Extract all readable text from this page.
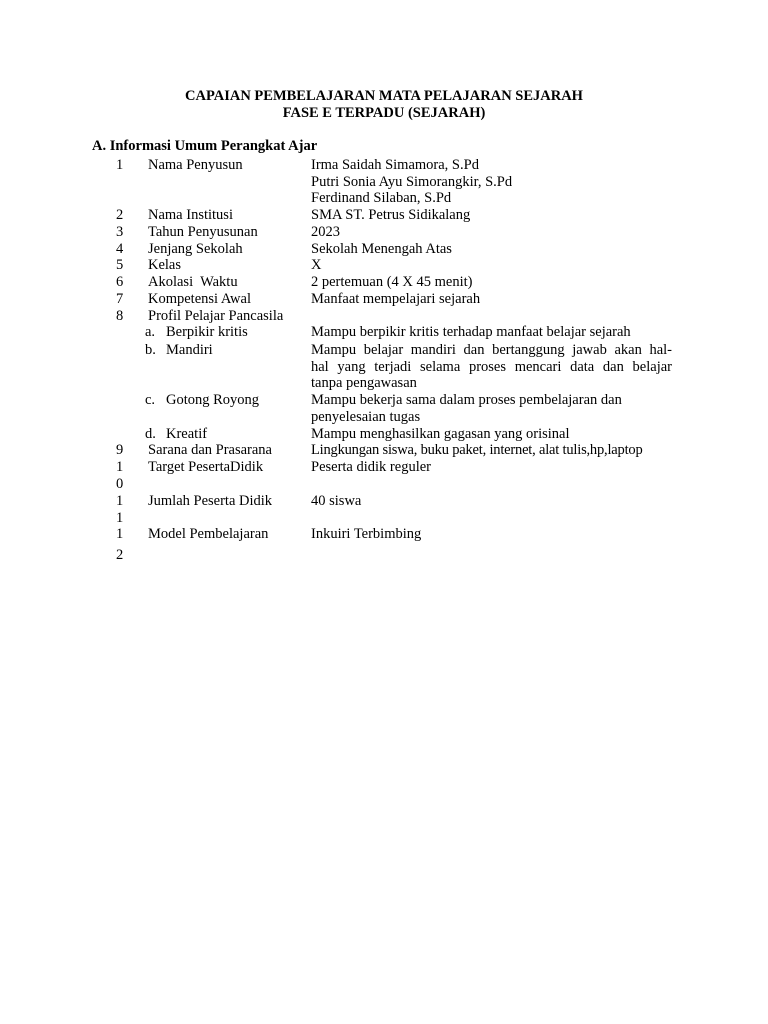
CAPAIAN PEMBELAJARAN MATA PELAJARAN SEJARAH
FASE E TERPADU (SEJARAH)
A. Informasi Umum Perangkat Ajar
1	Nama Penyusun	Irma Saidah Simamora, S.Pd
Putri Sonia Ayu Simorangkir, S.Pd
Ferdinand Silaban, S.Pd
2	Nama Institusi	SMA ST. Petrus Sidikalang
3	Tahun Penyusunan	2023
4	Jenjang Sekolah	Sekolah Menengah Atas
5	Kelas	X
6	Akolasi  Waktu	2 pertemuan (4 X 45 menit)
7	Kompetensi Awal	Manfaat mempelajari sejarah
8	Profil Pelajar Pancasila
a. Berpikir kritis	Mampu berpikir kritis terhadap manfaat belajar sejarah
b. Mandiri	Mampu belajar mandiri dan bertanggung jawab akan hal-
hal yang terjadi selama proses mencari data dan belajar
tanpa pengawasan
c. Gotong Royong	Mampu bekerja sama dalam proses pembelajaran dan
penyelesaian tugas
d. Kreatif	Mampu menghasilkan gagasan yang orisinal
9	Sarana dan Prasarana	Lingkungan siswa, buku paket, internet, alat tulis,hp,laptop
1	Target PesertaDidik	Peserta didik reguler
0
1	Jumlah Peserta Didik	40 siswa
1
1	Model Pembelajaran	Inkuiri Terbimbing
2
